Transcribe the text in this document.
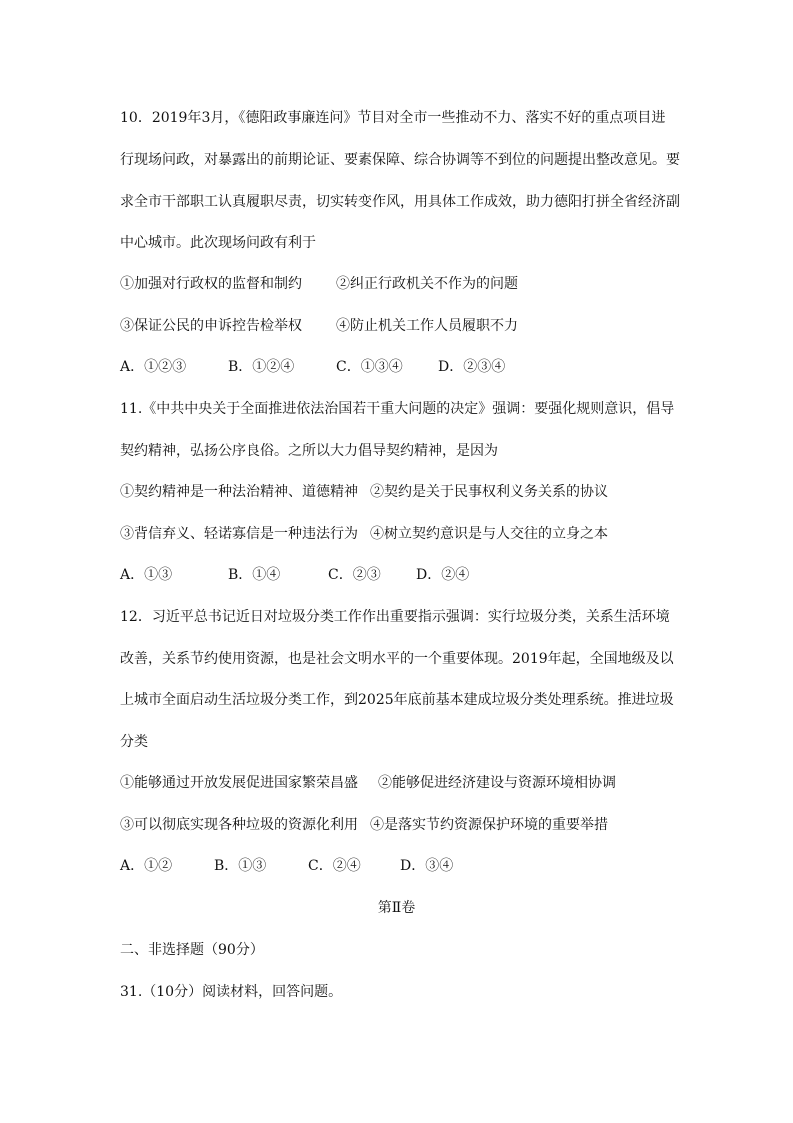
10．2019年3月，《德阳政事廉连问》节目对全市一些推动不力、落实不好的重点项目进
行现场问政，对暴露出的前期论证、要素保障、综合协调等不到位的问题提出整改意见。要
求全市干部职工认真履职尽责，切实转变作风，用具体工作成效，助力德阳打拼全省经济副
中心城市。此次现场问政有利于
①加强对行政权的监督和制约 ②纠正行政机关不作为的问题
③保证公民的申诉控告检举权 ④防止机关工作人员履职不力
A．①②③	B．①②④	C．①③④	D．②③④
11.《中共中央关于全面推进依法治国若干重大问题的决定》强调：要强化规则意识，倡导
契约精神，弘扬公序良俗。之所以大力倡导契约精神，是因为
①契约精神是一种法治精神、道德精神 ②契约是关于民事权利义务关系的协议
③背信弃义、轻诺寡信是一种违法行为 ④树立契约意识是与人交往的立身之本
A．①③	B．①④	C．②③	D．②④
12．习近平总书记近日对垃圾分类工作作出重要指示强调：实行垃圾分类，关系生活环境
改善，关系节约使用资源，也是社会文明水平的一个重要体现。2019年起，全国地级及以
上城市全面启动生活垃圾分类工作，到2025年底前基本建成垃圾分类处理系统。推进垃圾
分类
①能够通过开放发展促进国家繁荣昌盛 ②能够促进经济建设与资源环境相协调
③可以彻底实现各种垃圾的资源化利用 ④是落实节约资源保护环境的重要举措
A．①②	B．①③	C．②④	D．③④
第Ⅱ卷
二、非选择题（90分）
31.（10分）阅读材料，回答问题。
